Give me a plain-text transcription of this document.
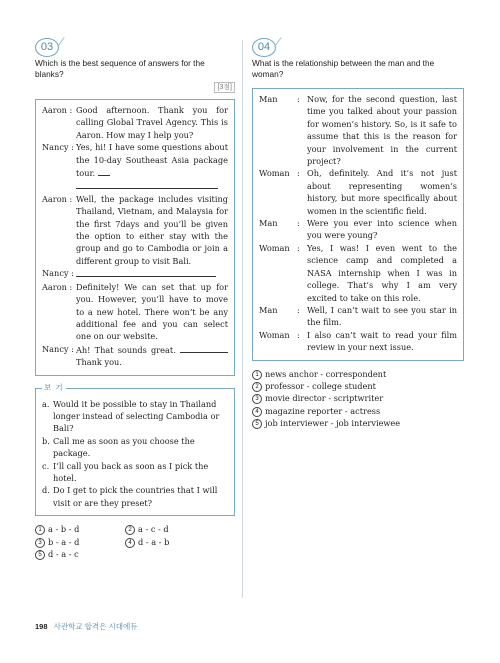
03
Which is the best sequence of answers for the blanks?
[3점]
Aaron : Good afternoon. Thank you for calling Global Travel Agency. This is Aaron. How may I help you?
Nancy : Yes, hi! I have some questions about the 10-day Southeast Asia package tour.

Aaron : Well, the package includes visiting Thailand, Vietnam, and Malaysia for the first 7days and you’ll be given the option to either stay with the group and go to Cambodia or join a different group to visit Bali.
Nancy :
Aaron : Definitely! We can set that up for you. However, you’ll have to move to a new hotel. There won’t be any additional fee and you can select one on our website.
Nancy : Ah! That sounds great.  Thank you.
보 기
a. Would it be possible to stay in Thailand longer instead of selecting Cambodia or Bali?
b. Call me as soon as you choose the package.
c. I’ll call you back as soon as I pick the hotel.
d. Do I get to pick the countries that I will visit or are they preset?
1 a - b - d	2 a - c - d
3 b - a - d	4 d - a - b
5 d - a - c
04
What is the relationship between the man and the woman?
Man	: Now, for the second question, last time you talked about your passion for women’s history. So, is it safe to assume that this is the reason for your involvement in the current project?
Woman : Oh, definitely. And it’s not just about representing women’s history, but more specifically about women in the scientific field.
Man	: Were you ever into science when you were young?
Woman : Yes, I was! I even went to the science camp and completed a NASA internship when I was in college. That’s why I am very excited to take on this role.
Man	: Well, I can’t wait to see you star in the film.
Woman : I also can’t wait to read your film review in your next issue.
1 news anchor - correspondent
2 professor - college student
3 movie director - scriptwriter
4 magazine reporter - actress
5 job interviewer - job interviewee
198 사관학교 합격은 시대에듀
